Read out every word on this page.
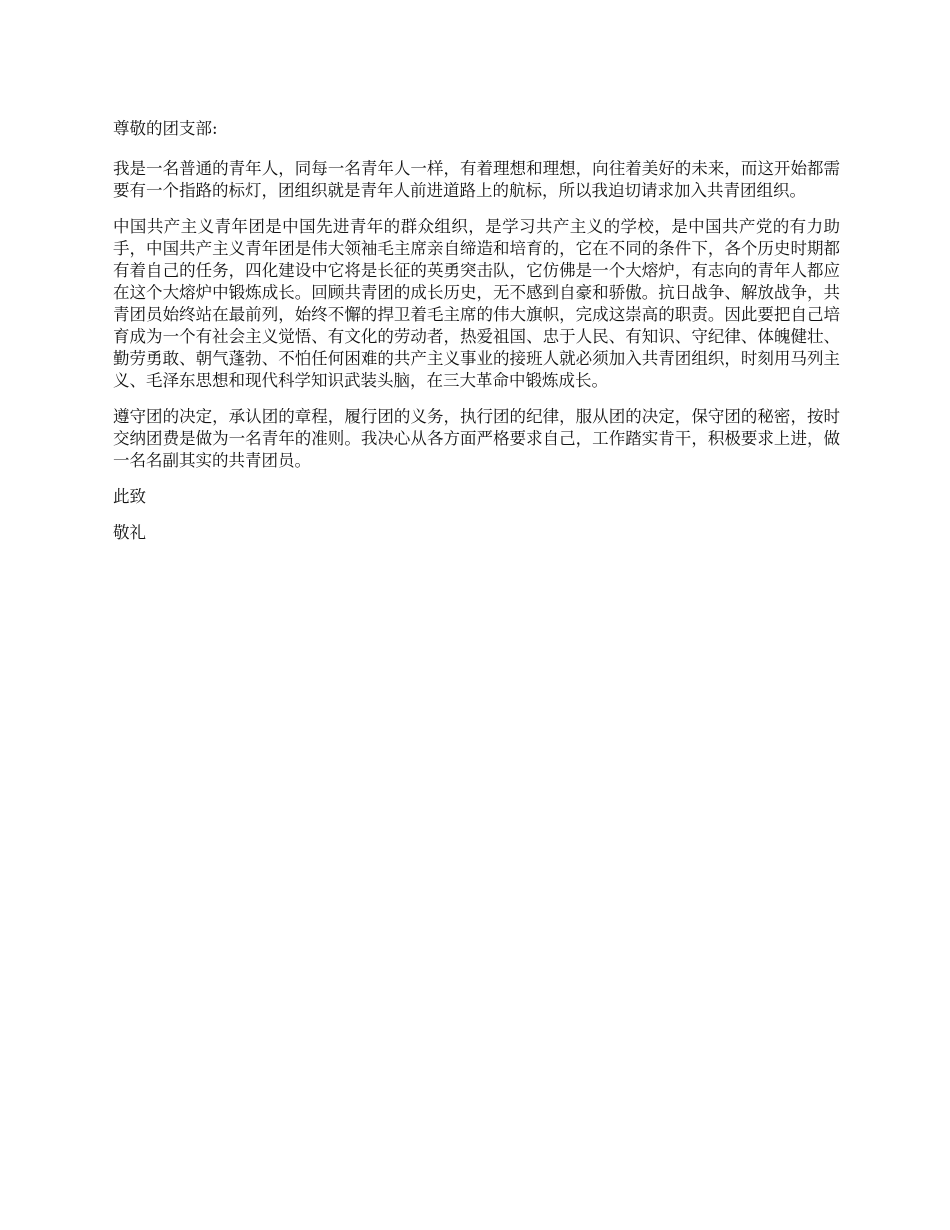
尊敬的团支部:

我是一名普通的青年人，同每一名青年人一样，有着理想和理想，向往着美好的未来，而这开始都需要有一个指路的标灯，团组织就是青年人前进道路上的航标，所以我迫切请求加入共青团组织。

中国共产主义青年团是中国先进青年的群众组织，是学习共产主义的学校，是中国共产党的有力助手，中国共产主义青年团是伟大领袖毛主席亲自缔造和培育的，它在不同的条件下，各个历史时期都有着自己的任务，四化建设中它将是长征的英勇突击队，它仿佛是一个大熔炉，有志向的青年人都应在这个大熔炉中锻炼成长。回顾共青团的成长历史，无不感到自豪和骄傲。抗日战争、解放战争，共青团员始终站在最前列，始终不懈的捍卫着毛主席的伟大旗帜，完成这崇高的职责。因此要把自己培育成为一个有社会主义觉悟、有文化的劳动者，热爱祖国、忠于人民、有知识、守纪律、体魄健壮、勤劳勇敢、朝气蓬勃、不怕任何困难的共产主义事业的接班人就必须加入共青团组织，时刻用马列主义、毛泽东思想和现代科学知识武装头脑，在三大革命中锻炼成长。

遵守团的决定，承认团的章程，履行团的义务，执行团的纪律，服从团的决定，保守团的秘密，按时交纳团费是做为一名青年的准则。我决心从各方面严格要求自己，工作踏实肯干，积极要求上进，做一名名副其实的共青团员。

此致

敬礼
